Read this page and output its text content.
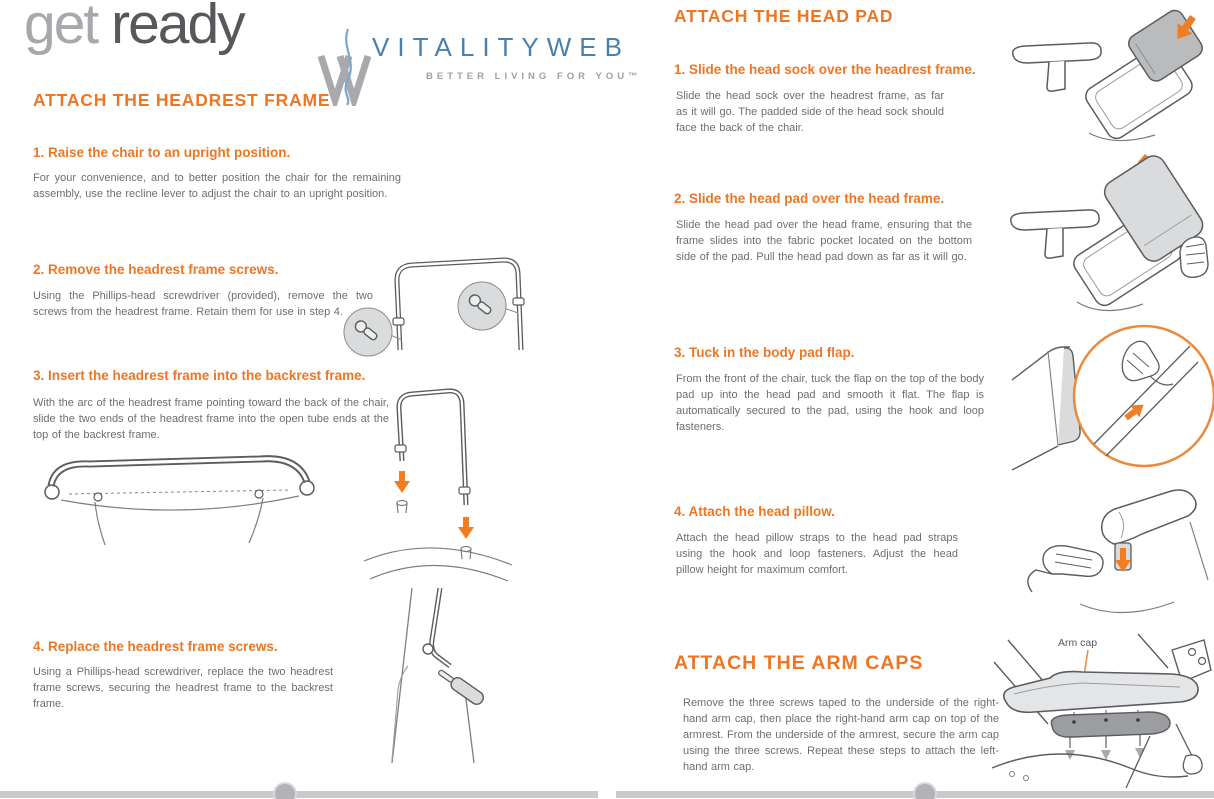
get ready	VITALITYWEB
BETTER LIVING FOR YOU™
ATTACH THE HEADREST FRAME
1. Raise the chair to an upright position.
For your convenience, and to better position the chair for the remaining assembly, use the recline lever to adjust the chair to an upright position.
2. Remove the headrest frame screws.
Using the Phillips-head screwdriver (provided), remove the two screws from the headrest frame. Retain them for use in step 4.
3. Insert the headrest frame into the backrest frame.
With the arc of the headrest frame pointing toward the back of the chair, slide the two ends of the headrest frame into the open tube ends at the top of the backrest frame.
4. Replace the headrest frame screws.
Using a Phillips-head screwdriver, replace the two headrest frame screws, securing the headrest frame to the backrest frame.
ATTACH THE HEAD PAD
1. Slide the head sock over the headrest frame.
Slide the head sock over the headrest frame, as far as it will go. The padded side of the head sock should face the back of the chair.
2. Slide the head pad over the head frame.
Slide the head pad over the head frame, ensuring that the frame slides into the fabric pocket located on the bottom side of the pad. Pull the head pad down as far as it will go.
3. Tuck in the body pad flap.
From the front of the chair, tuck the flap on the top of the body pad up into the head pad and smooth it flat. The flap is automatically secured to the pad, using the hook and loop fasteners.
4. Attach the head pillow.
Attach the head pillow straps to the head pad straps using the hook and loop fasteners. Adjust the head pillow height for maximum comfort.
ATTACH THE ARM CAPS
Remove the three screws taped to the underside of the right-hand arm cap, then place the right-hand arm cap on top of the armrest. From the underside of the armrest, secure the arm cap using the three screws. Repeat these steps to attach the left-hand arm cap.
Arm cap
